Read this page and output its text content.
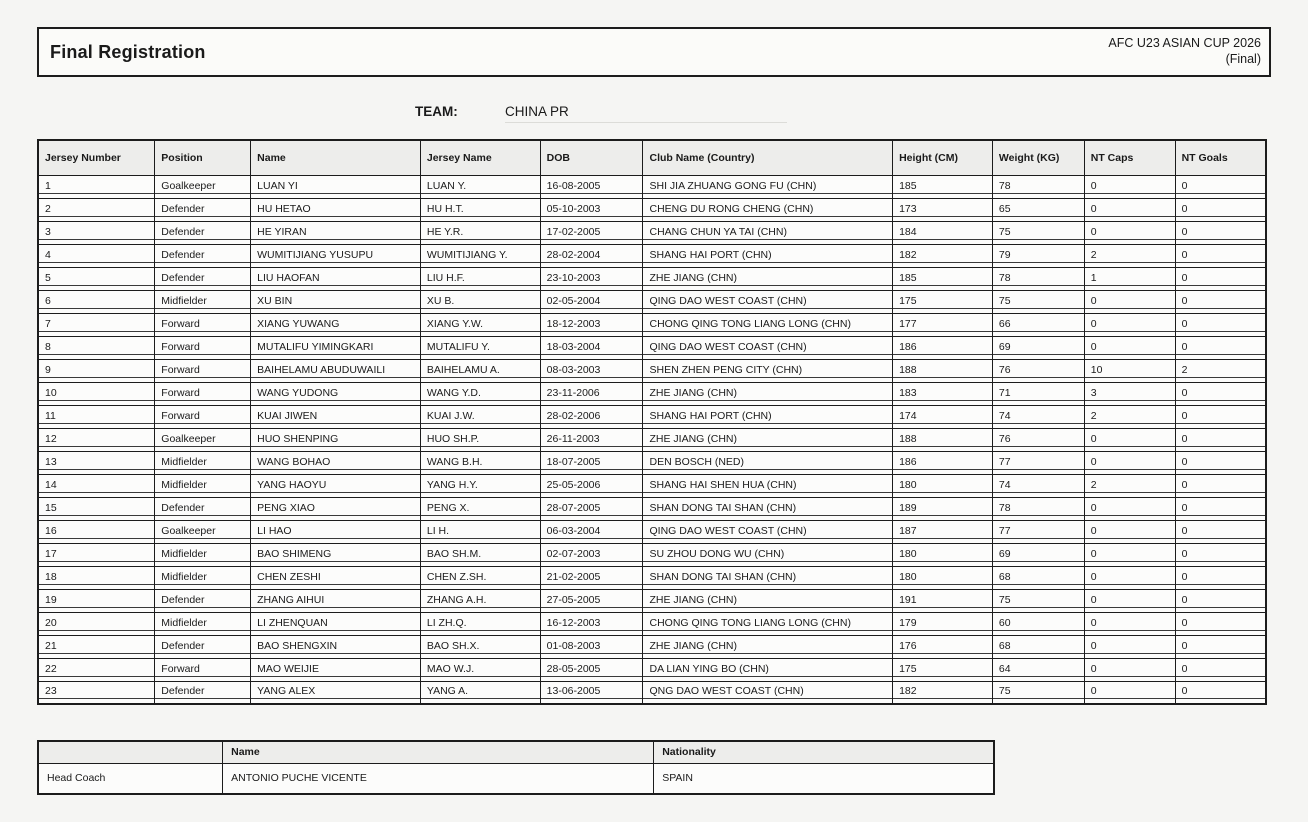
Final Registration	AFC U23 ASIAN CUP 2026
(Final)
TEAM:	CHINA PR
Jersey Number	Position	Name	Jersey Name	DOB	Club Name (Country)	Height (CM)	Weight (KG)	NT Caps	NT Goals

1	Goalkeeper	LUAN YI	LUAN Y.	16-08-2005	SHI JIA ZHUANG GONG FU (CHN)	185	78	0	0

2	Defender	HU HETAO	HU H.T.	05-10-2003	CHENG DU RONG CHENG (CHN)	173	65	0	0

3	Defender	HE YIRAN	HE Y.R.	17-02-2005	CHANG CHUN YA TAI (CHN)	184	75	0	0

4	Defender	WUMITIJIANG YUSUPU	WUMITIJIANG Y.	28-02-2004	SHANG HAI PORT (CHN)	182	79	2	0

5	Defender	LIU HAOFAN	LIU H.F.	23-10-2003	ZHE JIANG (CHN)	185	78	1	0

6	Midfielder	XU BIN	XU B.	02-05-2004	QING DAO WEST COAST (CHN)	175	75	0	0

7	Forward	XIANG YUWANG	XIANG Y.W.	18-12-2003	CHONG QING TONG LIANG LONG (CHN)	177	66	0	0

8	Forward	MUTALIFU YIMINGKARI	MUTALIFU Y.	18-03-2004	QING DAO WEST COAST (CHN)	186	69	0	0

9	Forward	BAIHELAMU ABUDUWAILI	BAIHELAMU A.	08-03-2003	SHEN ZHEN PENG CITY (CHN)	188	76	10	2

10	Forward	WANG YUDONG	WANG Y.D.	23-11-2006	ZHE JIANG (CHN)	183	71	3	0

11	Forward	KUAI JIWEN	KUAI J.W.	28-02-2006	SHANG HAI PORT (CHN)	174	74	2	0

12	Goalkeeper	HUO SHENPING	HUO SH.P.	26-11-2003	ZHE JIANG (CHN)	188	76	0	0

13	Midfielder	WANG BOHAO	WANG B.H.	18-07-2005	DEN BOSCH (NED)	186	77	0	0

14	Midfielder	YANG HAOYU	YANG H.Y.	25-05-2006	SHANG HAI SHEN HUA (CHN)	180	74	2	0

15	Defender	PENG XIAO	PENG X.	28-07-2005	SHAN DONG TAI SHAN (CHN)	189	78	0	0

16	Goalkeeper	LI HAO	LI H.	06-03-2004	QING DAO WEST COAST (CHN)	187	77	0	0

17	Midfielder	BAO SHIMENG	BAO SH.M.	02-07-2003	SU ZHOU DONG WU (CHN)	180	69	0	0

18	Midfielder	CHEN ZESHI	CHEN Z.SH.	21-02-2005	SHAN DONG TAI SHAN (CHN)	180	68	0	0

19	Defender	ZHANG AIHUI	ZHANG A.H.	27-05-2005	ZHE JIANG (CHN)	191	75	0	0

20	Midfielder	LI ZHENQUAN	LI ZH.Q.	16-12-2003	CHONG QING TONG LIANG LONG (CHN)	179	60	0	0

21	Defender	BAO SHENGXIN	BAO SH.X.	01-08-2003	ZHE JIANG (CHN)	176	68	0	0

22	Forward	MAO WEIJIE	MAO W.J.	28-05-2005	DA LIAN YING BO (CHN)	175	64	0	0

23	Defender	YANG ALEX	YANG A.	13-06-2005	QNG DAO WEST COAST (CHN)	182	75	0	0
	Name	Nationality
Head Coach	ANTONIO PUCHE VICENTE	SPAIN
